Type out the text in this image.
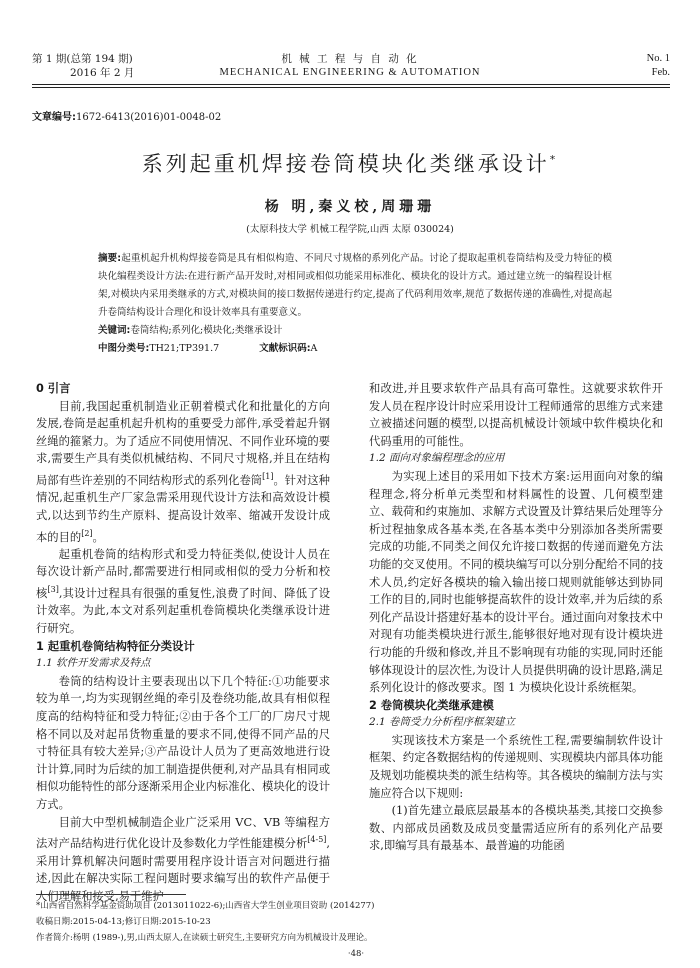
第 1 期(总第 194 期)
2016 年 2 月
机 械 工 程 与 自 动 化
MECHANICAL ENGINEERING & AUTOMATION
No. 1
Feb.
文章编号:1672-6413(2016)01-0048-02
系列起重机焊接卷筒模块化类继承设计*
杨 明,秦义校,周珊珊
(太原科技大学 机械工程学院,山西 太原 030024)
摘要:起重机起升机构焊接卷筒是具有相似构造、不同尺寸规格的系列化产品。讨论了提取起重机卷筒结构及受力特征的模块化编程类设计方法:在进行新产品开发时,对相同或相似功能采用标准化、模块化的设计方式。通过建立统一的编程设计框架,对模块内采用类继承的方式,对模块间的接口数据传递进行约定,提高了代码利用效率,规范了数据传递的准确性,对提高起升卷筒结构设计合理化和设计效率具有重要意义。
关键词:卷筒结构;系列化;模块化;类继承设计
中图分类号:TH21;TP391.7	文献标识码:A
0 引言

目前,我国起重机制造业正朝着模式化和批量化的方向发展,卷筒是起重机起升机构的重要受力部件,承受着起升钢丝绳的箍紧力。为了适应不同使用情况、不同作业环境的要求,需要生产具有类似机械结构、不同尺寸规格,并且在结构局部有些许差别的不同结构形式的系列化卷筒[1]。针对这种情况,起重机生产厂家急需采用现代设计方法和高效设计模式,以达到节约生产原料、提高设计效率、缩减开发设计成本的目的[2]。

起重机卷筒的结构形式和受力特征类似,使设计人员在每次设计新产品时,都需要进行相同或相似的受力分析和校核[3],其设计过程具有很强的重复性,浪费了时间、降低了设计效率。为此,本文对系列起重机卷筒模块化类继承设计进行研究。

1 起重机卷筒结构特征分类设计
1.1 软件开发需求及特点

卷筒的结构设计主要表现出以下几个特征:①功能要求较为单一,均为实现钢丝绳的牵引及卷绕功能,故具有相似程度高的结构特征和受力特征;②由于各个工厂的厂房尺寸规格不同以及对起吊货物重量的要求不同,使得不同产品的尺寸特征具有较大差异;③产品设计人员为了更高效地进行设计计算,同时为后续的加工制造提供便利,对产品具有相同或相似功能特性的部分逐渐采用企业内标准化、模块化的设计方式。

目前大中型机械制造企业广泛采用 VC、VB 等编程方法对产品结构进行优化设计及参数化力学性能建模分析[4-5],采用计算机解决问题时需要用程序设计语言对问题进行描述,因此在解决实际工程问题时要求编写出的软件产品便于人们理解和接受,易于维护

和改进,并且要求软件产品具有高可靠性。这就要求软件开发人员在程序设计时应采用设计工程师通常的思维方式来建立被描述问题的模型,以提高机械设计领域中软件模块化和代码重用的可能性。

1.2 面向对象编程理念的应用

为实现上述目的采用如下技术方案:运用面向对象的编程理念,将分析单元类型和材料属性的设置、几何模型建立、载荷和约束施加、求解方式设置及计算结果后处理等分析过程抽象成各基本类,在各基本类中分别添加各类所需要完成的功能,不同类之间仅允许接口数据的传递而避免方法功能的交叉使用。不同的模块编写可以分别分配给不同的技术人员,约定好各模块的输入输出接口规则就能够达到协同工作的目的,同时也能够提高软件的设计效率,并为后续的系列化产品设计搭建好基本的设计平台。通过面向对象技术中对现有功能类模块进行派生,能够很好地对现有设计模块进行功能的升级和修改,并且不影响现有功能的实现,同时还能够体现设计的层次性,为设计人员提供明确的设计思路,满足系列化设计的修改要求。图 1 为模块化设计系统框架。

2 卷筒模块化类继承建模
2.1 卷筒受力分析程序框架建立

实现该技术方案是一个系统性工程,需要编制软件设计框架、约定各数据结构的传递规则、实现模块内部具体功能及规划功能模块类的派生结构等。其各模块的编制方法与实施应符合以下规则:

(1)首先建立最底层最基本的各模块基类,其接口交换参数、内部成员函数及成员变量需适应所有的系列化产品要求,即编写具有最基本、最普遍的功能函

*山西省自然科学基金资助项目 (2013011022-6);山西省大学生创业项目资助 (2014277)
收稿日期:2015-04-13;修订日期:2015-10-23
作者简介:杨明 (1989-),男,山西太原人,在读硕士研究生,主要研究方向为机械设计及理论。
·48·
